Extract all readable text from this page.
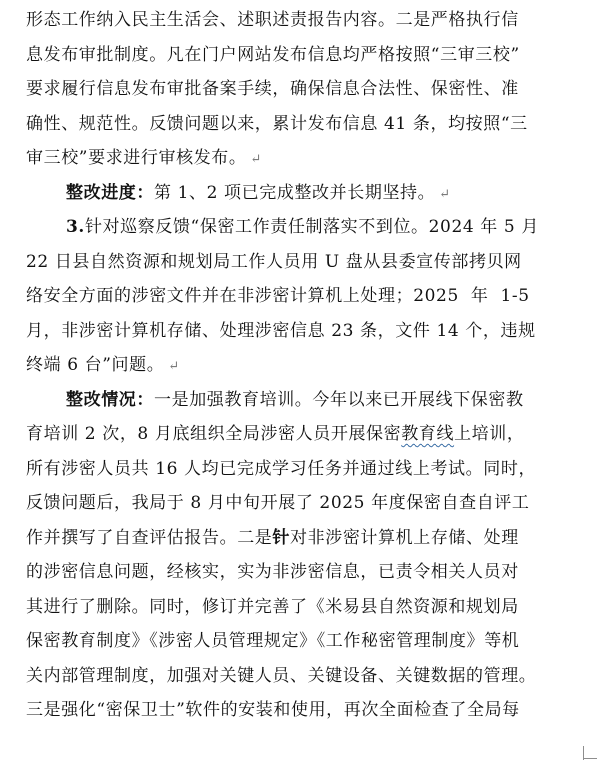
形态工作纳入民主生活会、述职述责报告内容。二是严格执行信
息发布审批制度。凡在门户网站发布信息均严格按照“三审三校”
要求履行信息发布审批备案手续，确保信息合法性、保密性、准
确性、规范性。反馈问题以来，累计发布信息 41 条，均按照“三
审三校”要求进行审核发布。 ↵
整改进度：第 1、2 项已完成整改并长期坚持。 ↵
3.针对巡察反馈“保密工作责任制落实不到位。2024 年 5 月
22 日县自然资源和规划局工作人员用 U 盘从县委宣传部拷贝网
络安全方面的涉密文件并在非涉密计算机上处理；2025  年  1-5
月，非涉密计算机存储、处理涉密信息 23 条，文件 14 个，违规
终端 6 台”问题。 ↵
整改情况：一是加强教育培训。今年以来已开展线下保密教
育培训 2 次，8 月底组织全局涉密人员开展保密教育线上培训，
所有涉密人员共 16 人均已完成学习任务并通过线上考试。同时，
反馈问题后，我局于 8 月中旬开展了 2025 年度保密自查自评工
作并撰写了自查评估报告。二是针对非涉密计算机上存储、处理
的涉密信息问题，经核实，实为非涉密信息，已责令相关人员对
其进行了删除。同时，修订并完善了《米易县自然资源和规划局
保密教育制度》《涉密人员管理规定》《工作秘密管理制度》等机
关内部管理制度，加强对关键人员、关键设备、关键数据的管理。
三是强化“密保卫士”软件的安装和使用，再次全面检查了全局每
